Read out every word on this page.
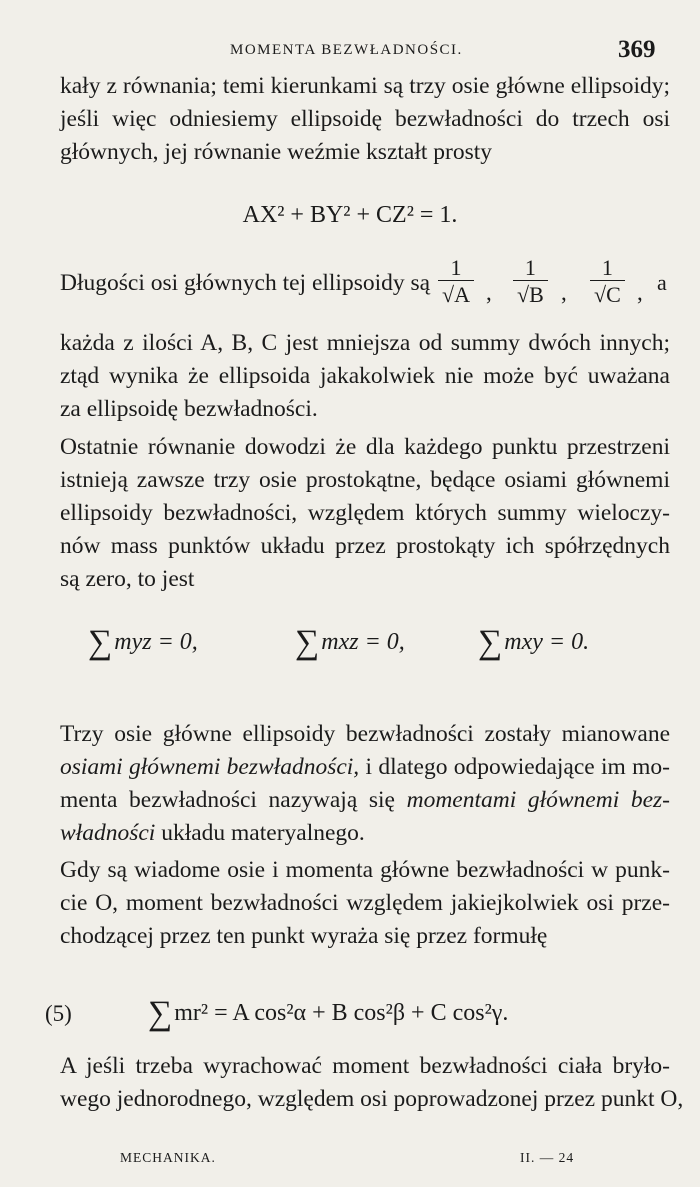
MOMENTA BEZWŁADNOŚCI.	369
kały z równania; temi kierunkami są trzy osie główne ellipsoidy;
jeśli więc odniesiemy ellipsoidę bezwładności do trzech osi
głównych, jej równanie weźmie kształt prosty
AX² + BY² + CZ² = 1.
Długości osi głównych tej ellipsoidy są $\frac{1}{√A}$ , $\frac{1}{√B}$ , $\frac{1}{√C}$ , a
każda z ilości A, B, C jest mniejsza od summy dwóch innych;
ztąd wynika że ellipsoida jakakolwiek nie może być uważana
za ellipsoidę bezwładności.
Ostatnie równanie dowodzi że dla każdego punktu przestrzeni
istnieją zawsze trzy osie prostokątne, będące osiami głównemi
ellipsoidy bezwładności, względem których summy wieloczy-
nów mass punktów układu przez prostokąty ich spółrzędnych
są zero, to jest
∑myz = 0,	∑mxz = 0, ∑mxy = 0.
Trzy osie główne ellipsoidy bezwładności zostały mianowane
osiami głównemi bezwładności, i dlatego odpowiedające im mo-
menta bezwładności nazywają się momentami głównemi bez-
władności układu materyalnego.
Gdy są wiadome osie i momenta główne bezwładności w punk-
cie O, moment bezwładności względem jakiejkolwiek osi prze-
chodzącej przez ten punkt wyraża się przez formułę
(5) ∑mr² = A cos²α + B cos²β + C cos²γ.
A jeśli trzeba wyrachować moment bezwładności ciała bryło-
wego jednorodnego, względem osi poprowadzonej przez punkt O,
MECHANIKA.	II. — 24
